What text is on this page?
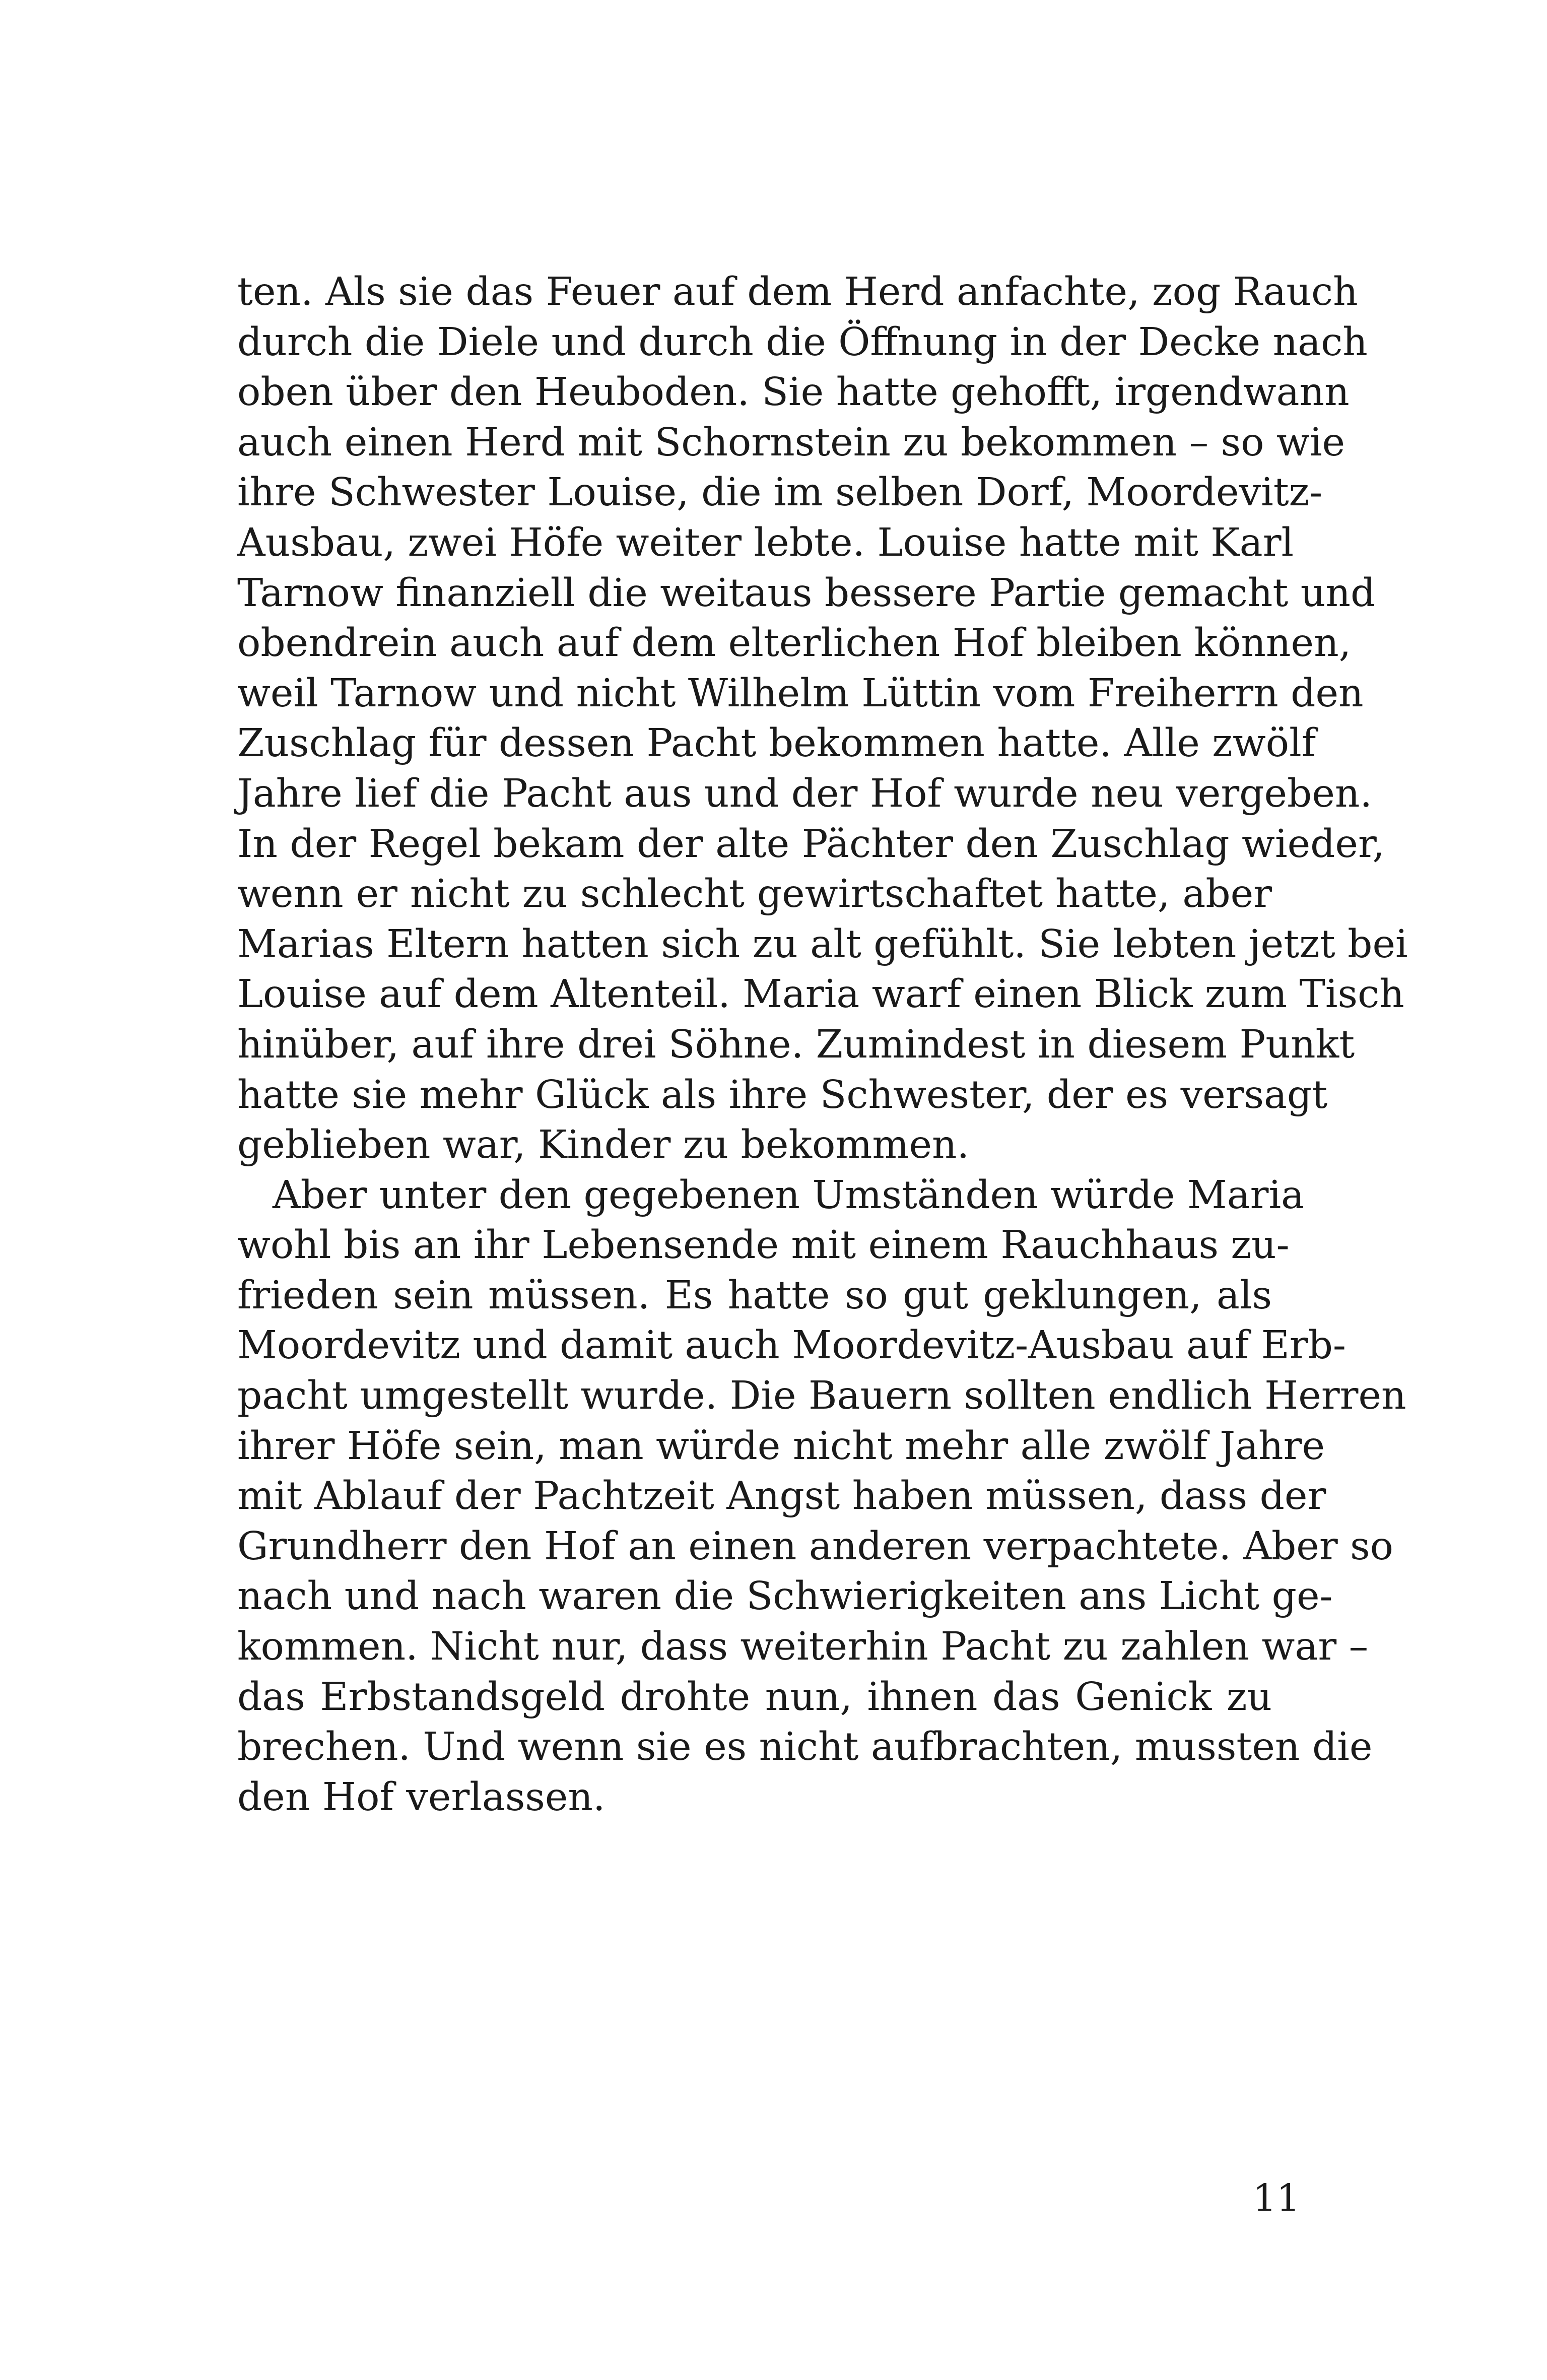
ten. Als sie das Feuer auf dem Herd anfachte, zog Rauch
durch die Diele und durch die Öffnung in der Decke nach
oben über den Heuboden. Sie hatte gehofft, irgendwann
auch einen Herd mit Schornstein zu bekommen – so wie
ihre Schwester Louise, die im selben Dorf, Moordevitz-
Ausbau, zwei Höfe weiter lebte. Louise hatte mit Karl
Tarnow finanziell die weitaus bessere Partie gemacht und
obendrein auch auf dem elterlichen Hof bleiben können,
weil Tarnow und nicht Wilhelm Lüttin vom Freiherrn den
Zuschlag für dessen Pacht bekommen hatte. Alle zwölf
Jahre lief die Pacht aus und der Hof wurde neu vergeben.
In der Regel bekam der alte Pächter den Zuschlag wieder,
wenn er nicht zu schlecht gewirtschaftet hatte, aber
Marias Eltern hatten sich zu alt gefühlt. Sie lebten jetzt bei
Louise auf dem Altenteil. Maria warf einen Blick zum Tisch
hinüber, auf ihre drei Söhne. Zumindest in diesem Punkt
hatte sie mehr Glück als ihre Schwester, der es versagt
geblieben war, Kinder zu bekommen.
Aber unter den gegebenen Umständen würde Maria
wohl bis an ihr Lebensende mit einem Rauchhaus zu-
frieden sein müssen. Es hatte so gut geklungen, als
Moordevitz und damit auch Moordevitz-Ausbau auf Erb-
pacht umgestellt wurde. Die Bauern sollten endlich Herren
ihrer Höfe sein, man würde nicht mehr alle zwölf Jahre
mit Ablauf der Pachtzeit Angst haben müssen, dass der
Grundherr den Hof an einen anderen verpachtete. Aber so
nach und nach waren die Schwierigkeiten ans Licht ge-
kommen. Nicht nur, dass weiterhin Pacht zu zahlen war –
das Erbstandsgeld drohte nun, ihnen das Genick zu
brechen. Und wenn sie es nicht aufbrachten, mussten die
den Hof verlassen.
11
